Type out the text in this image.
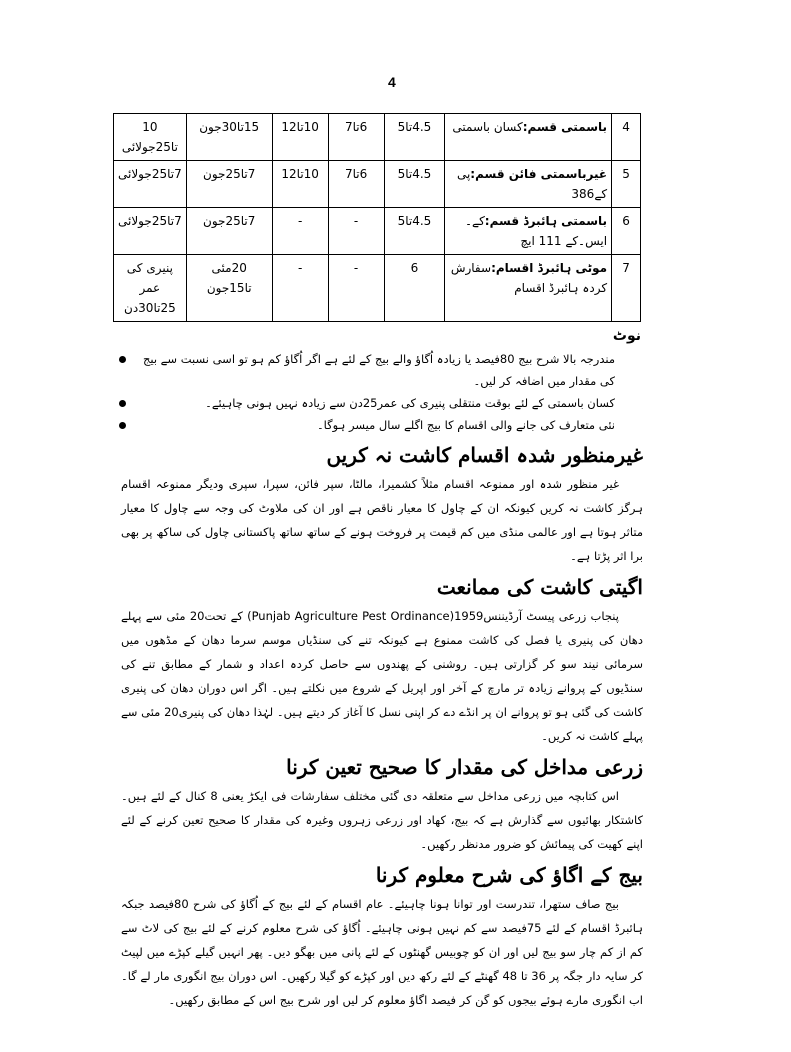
4
4	باسمتی قسم:کسان باسمتی	4.5تا5	6تا7	10تا12	15تا30جون	10 تا25جولائی
5	غیرباسمتی فائن قسم:پی کے386	4.5تا5	6تا7	10تا12	7تا25جون	7تا25جولائی
6	باسمتی ہائبرڈ قسم:کے۔ایس۔کے 111 ایچ	4.5تا5	-	-	7تا25جون	7تا25جولائی
7	موٹی ہائبرڈ اقسام:سفارش کردہ ہائبرڈ اقسام	6	-	-	20مئی تا15جون	پنیری کی عمر 25تا30دن
نوٹ
مندرجہ بالا شرح بیج 80فیصد یا زیادہ اُگاؤ والے بیج کے لئے ہے اگر اُگاؤ کم ہو تو اسی نسبت سے بیج کی مقدار میں اضافہ کر لیں۔
کسان باسمتی کے لئے بوقت منتقلی پنیری کی عمر25دن سے زیادہ نہیں ہونی چاہیئے۔
نئی متعارف کی جانے والی اقسام کا بیج اگلے سال میسر ہوگا۔
غیرمنظور شدہ اقسام کاشت نہ کریں
غیر منظور شدہ اور ممنوعہ اقسام مثلاً کشمیرا، مالٹا، سپر فائن، سپرا، سپری ودیگر ممنوعہ اقسام ہرگز کاشت نہ کریں کیونکہ ان کے چاول کا معیار ناقص ہے اور ان کی ملاوٹ کی وجہ سے چاول کا معیار متاثر ہوتا ہے اور عالمی منڈی میں کم قیمت پر فروخت ہونے کے ساتھ ساتھ پاکستانی چاول کی ساکھ پر بھی برا اثر پڑتا ہے۔
اگیتی کاشت کی ممانعت
پنجاب زرعی پیسٹ آرڈیننس1959(Punjab Agriculture Pest Ordinance) کے تحت20 مئی سے پہلے دھان کی پنیری یا فصل کی کاشت ممنوع ہے کیونکہ تنے کی سنڈیاں موسم سرما دھان کے مڈھوں میں سرمائی نیند سو کر گزارتی ہیں۔ روشنی کے پھندوں سے حاصل کردہ اعداد و شمار کے مطابق تنے کی سنڈیوں کے پروانے زیادہ تر مارچ کے آخر اور اپریل کے شروع میں نکلتے ہیں۔ اگر اس دوران دھان کی پنیری کاشت کی گئی ہو تو پروانے ان پر انڈے دے کر اپنی نسل کا آغاز کر دیتے ہیں۔ لہٰذا دھان کی پنیری20 مئی سے پہلے کاشت نہ کریں۔
زرعی مداخل کی مقدار کا صحیح تعین کرنا
اس کتابچہ میں زرعی مداخل سے متعلقہ دی گئی مختلف سفارشات فی ایکڑ یعنی 8 کنال کے لئے ہیں۔ کاشتکار بھائیوں سے گذارش ہے کہ بیج، کھاد اور زرعی زہروں وغیرہ کی مقدار کا صحیح تعین کرنے کے لئے اپنے کھیت کی پیمائش کو ضرور مدنظر رکھیں۔
بیج کے اگاؤ کی شرح معلوم کرنا
بیج صاف ستھرا، تندرست اور توانا ہونا چاہیئے۔ عام اقسام کے لئے بیج کے اُگاؤ کی شرح 80فیصد جبکہ ہائبرڈ اقسام کے لئے 75فیصد سے کم نہیں ہونی چاہیئے۔ اُگاؤ کی شرح معلوم کرنے کے لئے بیج کی لاٹ سے کم از کم چار سو بیج لیں اور ان کو چوبیس گھنٹوں کے لئے پانی میں بھگو دیں۔ پھر انہیں گیلے کپڑے میں لپیٹ کر سایہ دار جگہ پر 36 تا 48 گھنٹے کے لئے رکھ دیں اور کپڑے کو گیلا رکھیں۔ اس دوران بیج انگوری مار لے گا۔ اب انگوری مارے ہوئے بیجوں کو گن کر فیصد اگاؤ معلوم کر لیں اور شرح بیج اس کے مطابق رکھیں۔
